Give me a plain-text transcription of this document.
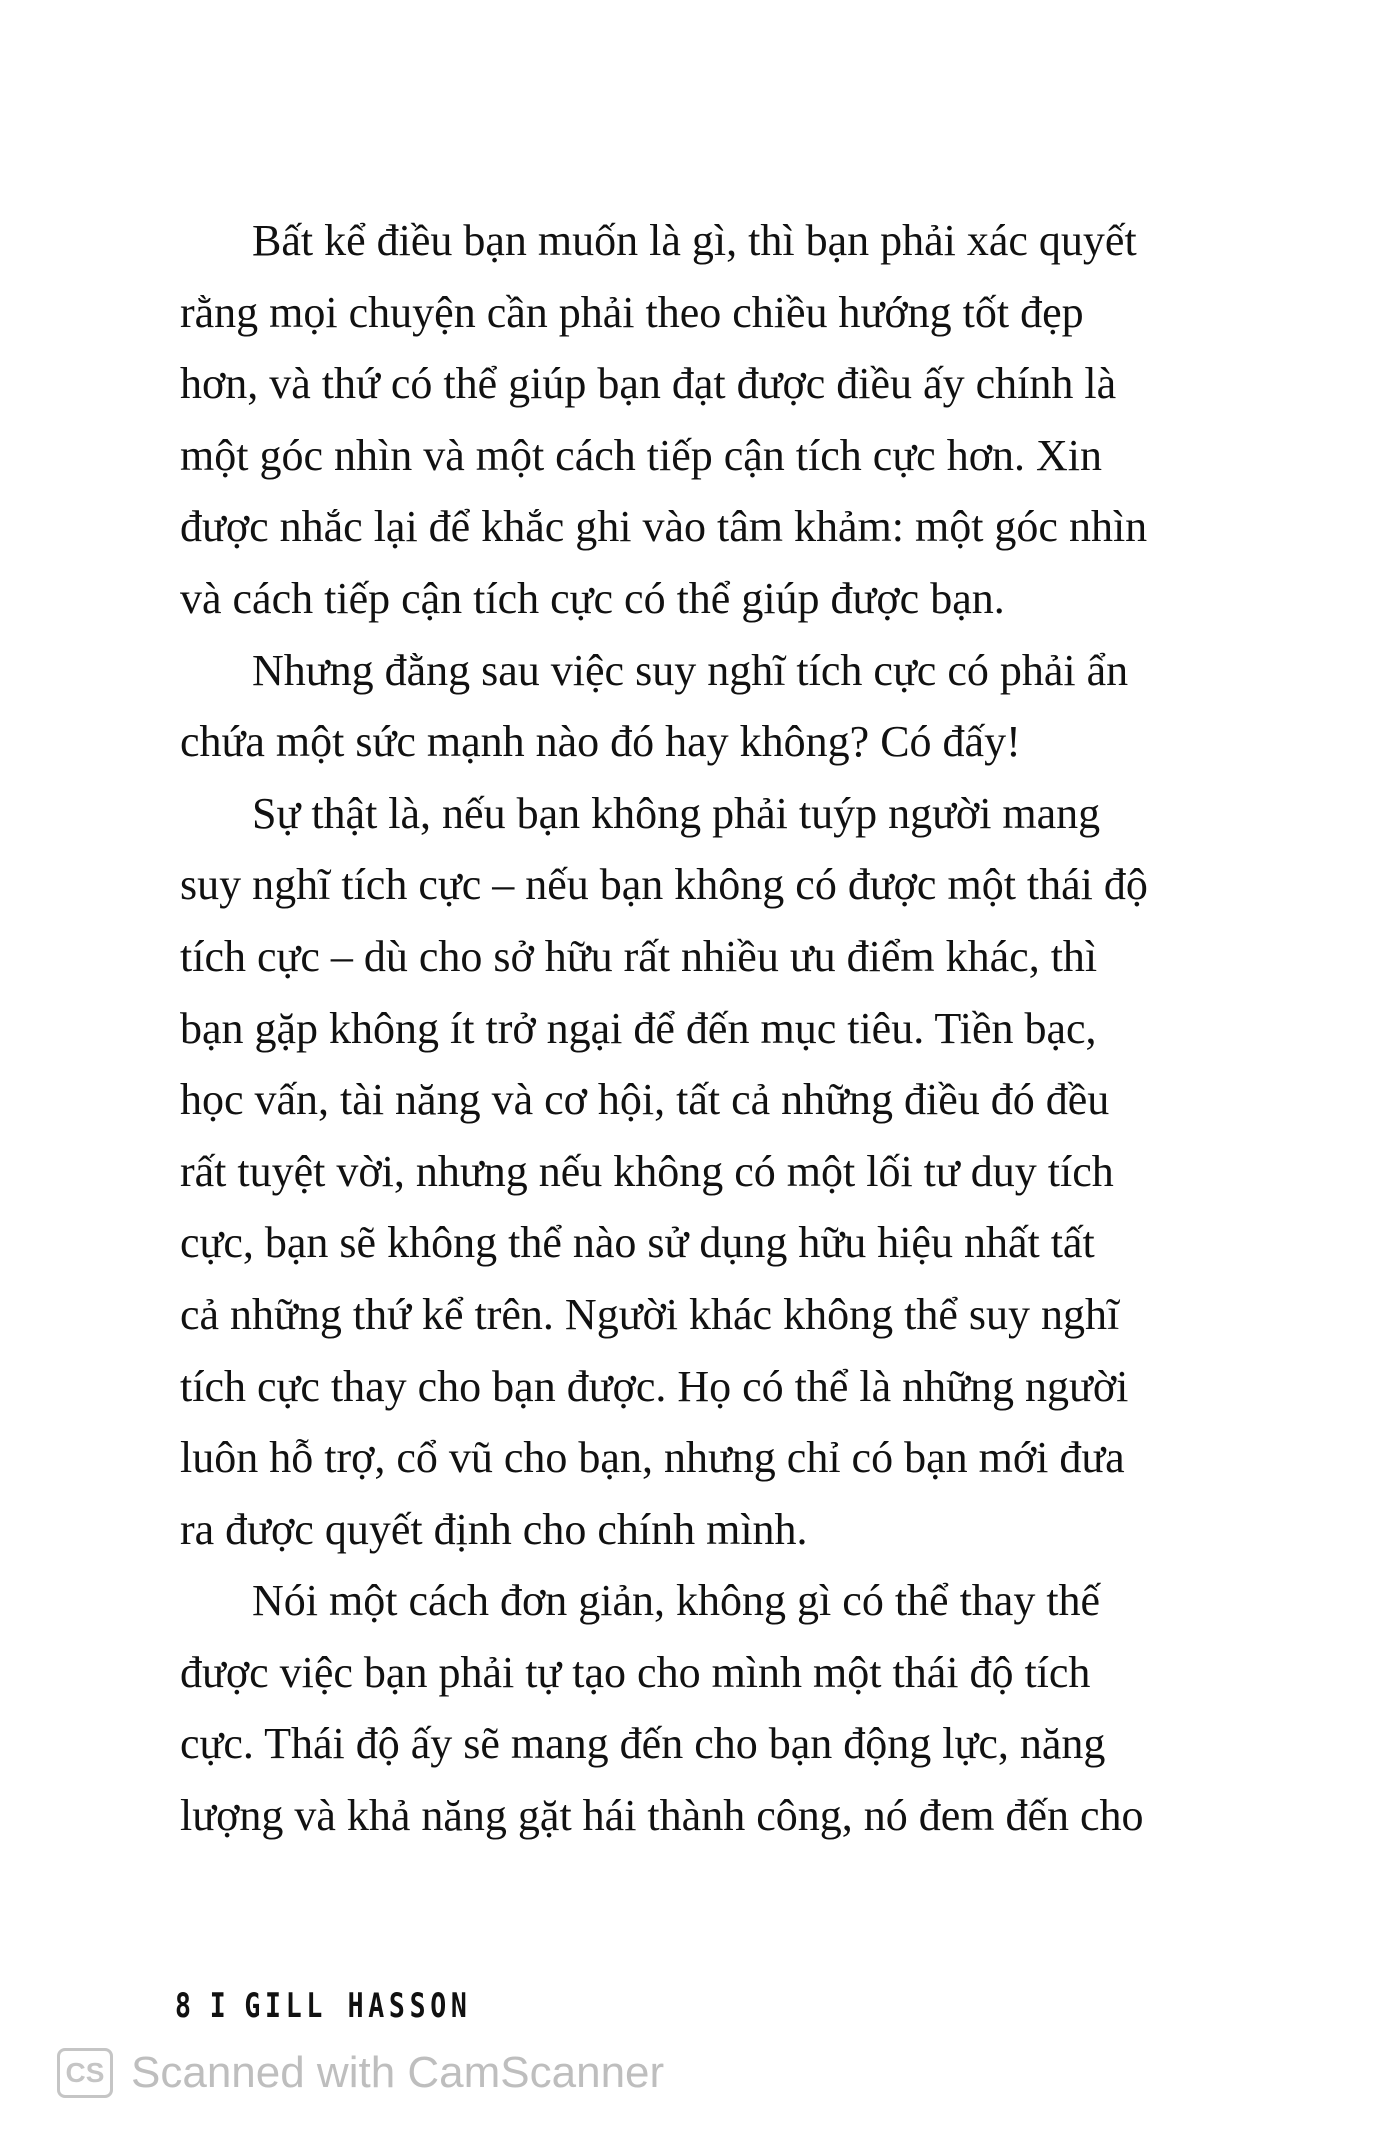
Bất kể điều bạn muốn là gì, thì bạn phải xác quyết
rằng mọi chuyện cần phải theo chiều hướng tốt đẹp
hơn, và thứ có thể giúp bạn đạt được điều ấy chính là
một góc nhìn và một cách tiếp cận tích cực hơn. Xin
được nhắc lại để khắc ghi vào tâm khảm: một góc nhìn
và cách tiếp cận tích cực có thể giúp được bạn.
Nhưng đằng sau việc suy nghĩ tích cực có phải ẩn
chứa một sức mạnh nào đó hay không? Có đấy!
Sự thật là, nếu bạn không phải tuýp người mang
suy nghĩ tích cực – nếu bạn không có được một thái độ
tích cực – dù cho sở hữu rất nhiều ưu điểm khác, thì
bạn gặp không ít trở ngại để đến mục tiêu. Tiền bạc,
học vấn, tài năng và cơ hội, tất cả những điều đó đều
rất tuyệt vời, nhưng nếu không có một lối tư duy tích
cực, bạn sẽ không thể nào sử dụng hữu hiệu nhất tất
cả những thứ kể trên. Người khác không thể suy nghĩ
tích cực thay cho bạn được. Họ có thể là những người
luôn hỗ trợ, cổ vũ cho bạn, nhưng chỉ có bạn mới đưa
ra được quyết định cho chính mình.
Nói một cách đơn giản, không gì có thể thay thế
được việc bạn phải tự tạo cho mình một thái độ tích
cực. Thái độ ấy sẽ mang đến cho bạn động lực, năng
lượng và khả năng gặt hái thành công, nó đem đến cho
8 I GILL HASSON
CS Scanned with CamScanner
